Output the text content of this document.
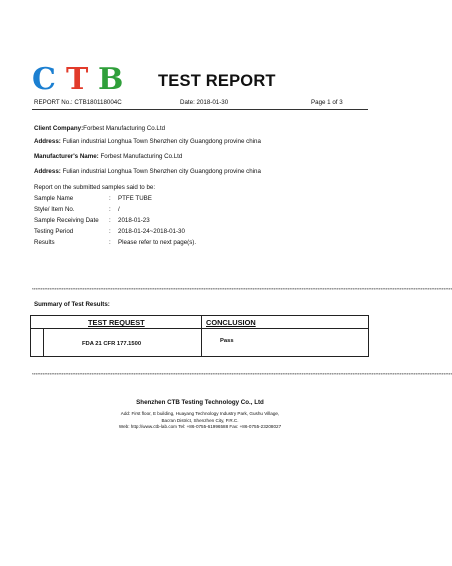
C T B TEST REPORT
REPORT No.: CTB180118004C	Date: 2018-01-30	Page 1 of 3
Client Company:Forbest Manufacturing Co.Ltd
Address: Fulian industrial Longhua Town Shenzhen city Guangdong provine china
Manufacturer's Name: Forbest Manufacturing Co.Ltd
Address: Fulian industrial Longhua Town Shenzhen city Guangdong provine china
Report on the submitted samples said to be:
Sample Name	: PTFE TUBE
Style/ Item No.	: /
Sample Receiving Date : 2018-01-23
Testing Period	: 2018-01-24~2018-01-30
Results	: Please refer to next page(s).
************************************************************************************************************************************************************************************************************************************************
Summary of Test Results:
TEST REQUEST	CONCLUSION
FDA 21 CFR 177.1500	Pass
************************************************************************************************************************************************************************************************************************************************
Shenzhen CTB Testing Technology Co., Ltd
Add: First floor, E building, Huayang Technology Industry Park, Gushu Village,
Bao'an District, Shenzhen City, P.R.C.
Web: http://www.ctb-lab.com Tel: +86-0755-61996588 Fax: +86-0755-23208027
